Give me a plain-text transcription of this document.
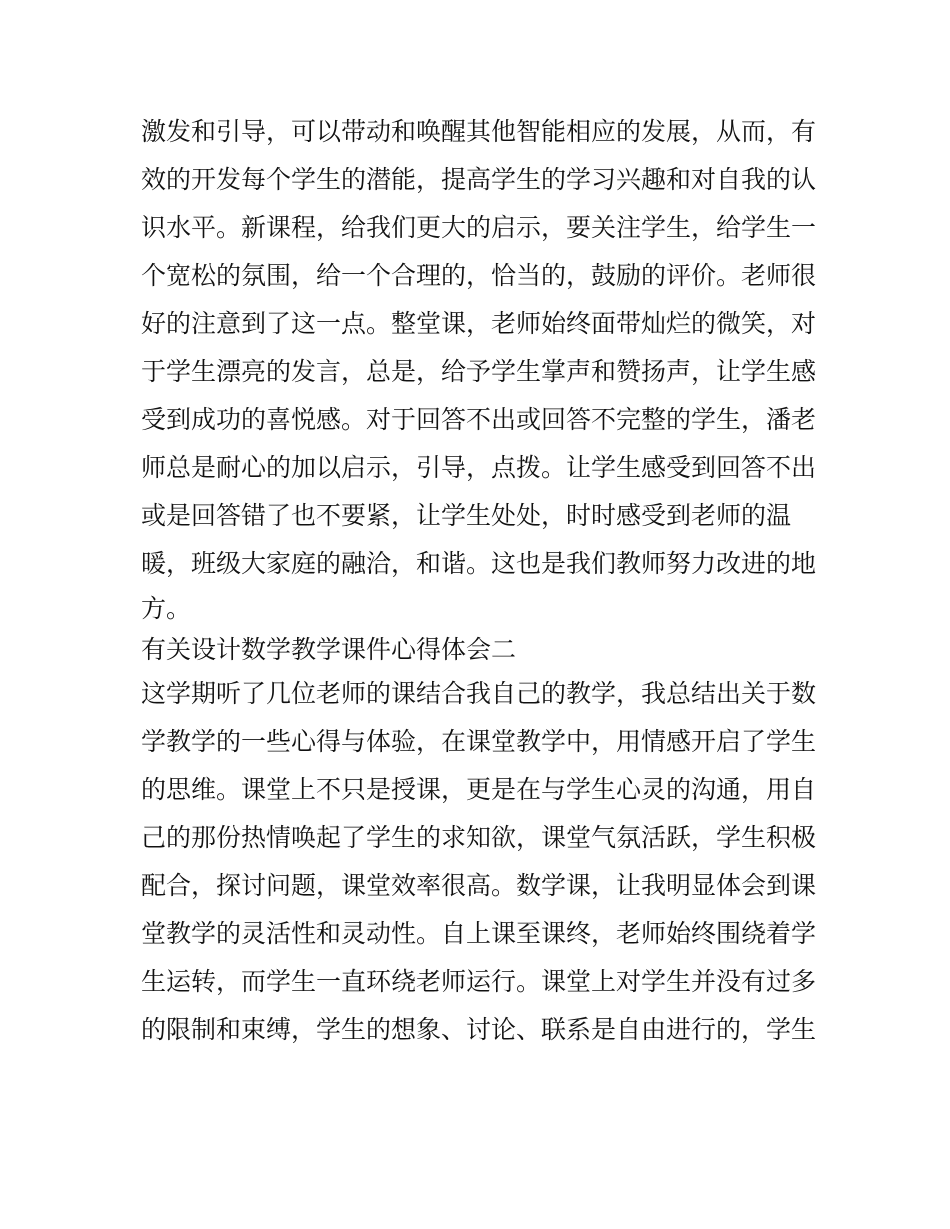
激发和引导，可以带动和唤醒其他智能相应的发展，从而，有
效的开发每个学生的潜能，提高学生的学习兴趣和对自我的认
识水平。新课程，给我们更大的启示，要关注学生，给学生一
个宽松的氛围，给一个合理的，恰当的，鼓励的评价。老师很
好的注意到了这一点。整堂课，老师始终面带灿烂的微笑，对
于学生漂亮的发言，总是，给予学生掌声和赞扬声，让学生感
受到成功的喜悦感。对于回答不出或回答不完整的学生，潘老
师总是耐心的加以启示，引导，点拨。让学生感受到回答不出
或是回答错了也不要紧，让学生处处，时时感受到老师的温
暖，班级大家庭的融洽，和谐。这也是我们教师努力改进的地
方。
有关设计数学教学课件心得体会二
这学期听了几位老师的课结合我自己的教学，我总结出关于数
学教学的一些心得与体验，在课堂教学中，用情感开启了学生
的思维。课堂上不只是授课，更是在与学生心灵的沟通，用自
己的那份热情唤起了学生的求知欲，课堂气氛活跃，学生积极
配合，探讨问题，课堂效率很高。数学课，让我明显体会到课
堂教学的灵活性和灵动性。自上课至课终，老师始终围绕着学
生运转，而学生一直环绕老师运行。课堂上对学生并没有过多
的限制和束缚，学生的想象、讨论、联系是自由进行的，学生
